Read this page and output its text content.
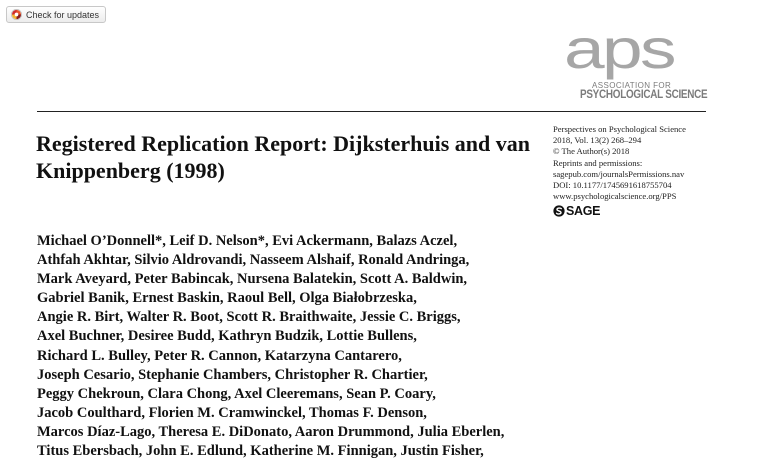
Check for updates
aps
ASSOCIATION FOR
PSYCHOLOGICAL SCIENCE
Registered Replication Report: Dijksterhuis and van Knippenberg (1998)
Perspectives on Psychological Science
2018, Vol. 13(2) 268–294
© The Author(s) 2018
Reprints and permissions:
sagepub.com/journalsPermissions.nav
DOI: 10.1177/1745691618755704
www.psychologicalscience.org/PPS
SAGE
Michael O’Donnell*, Leif D. Nelson*, Evi Ackermann, Balazs Aczel,
Athfah Akhtar, Silvio Aldrovandi, Nasseem Alshaif, Ronald Andringa,
Mark Aveyard, Peter Babincak, Nursena Balatekin, Scott A. Baldwin,
Gabriel Banik, Ernest Baskin, Raoul Bell, Olga Białobrzeska,
Angie R. Birt, Walter R. Boot, Scott R. Braithwaite, Jessie C. Briggs,
Axel Buchner, Desiree Budd, Kathryn Budzik, Lottie Bullens,
Richard L. Bulley, Peter R. Cannon, Katarzyna Cantarero,
Joseph Cesario, Stephanie Chambers, Christopher R. Chartier,
Peggy Chekroun, Clara Chong, Axel Cleeremans, Sean P. Coary,
Jacob Coulthard, Florien M. Cramwinckel, Thomas F. Denson,
Marcos Díaz-Lago, Theresa E. DiDonato, Aaron Drummond, Julia Eberlen,
Titus Ebersbach, John E. Edlund, Katherine M. Finnigan, Justin Fisher,
